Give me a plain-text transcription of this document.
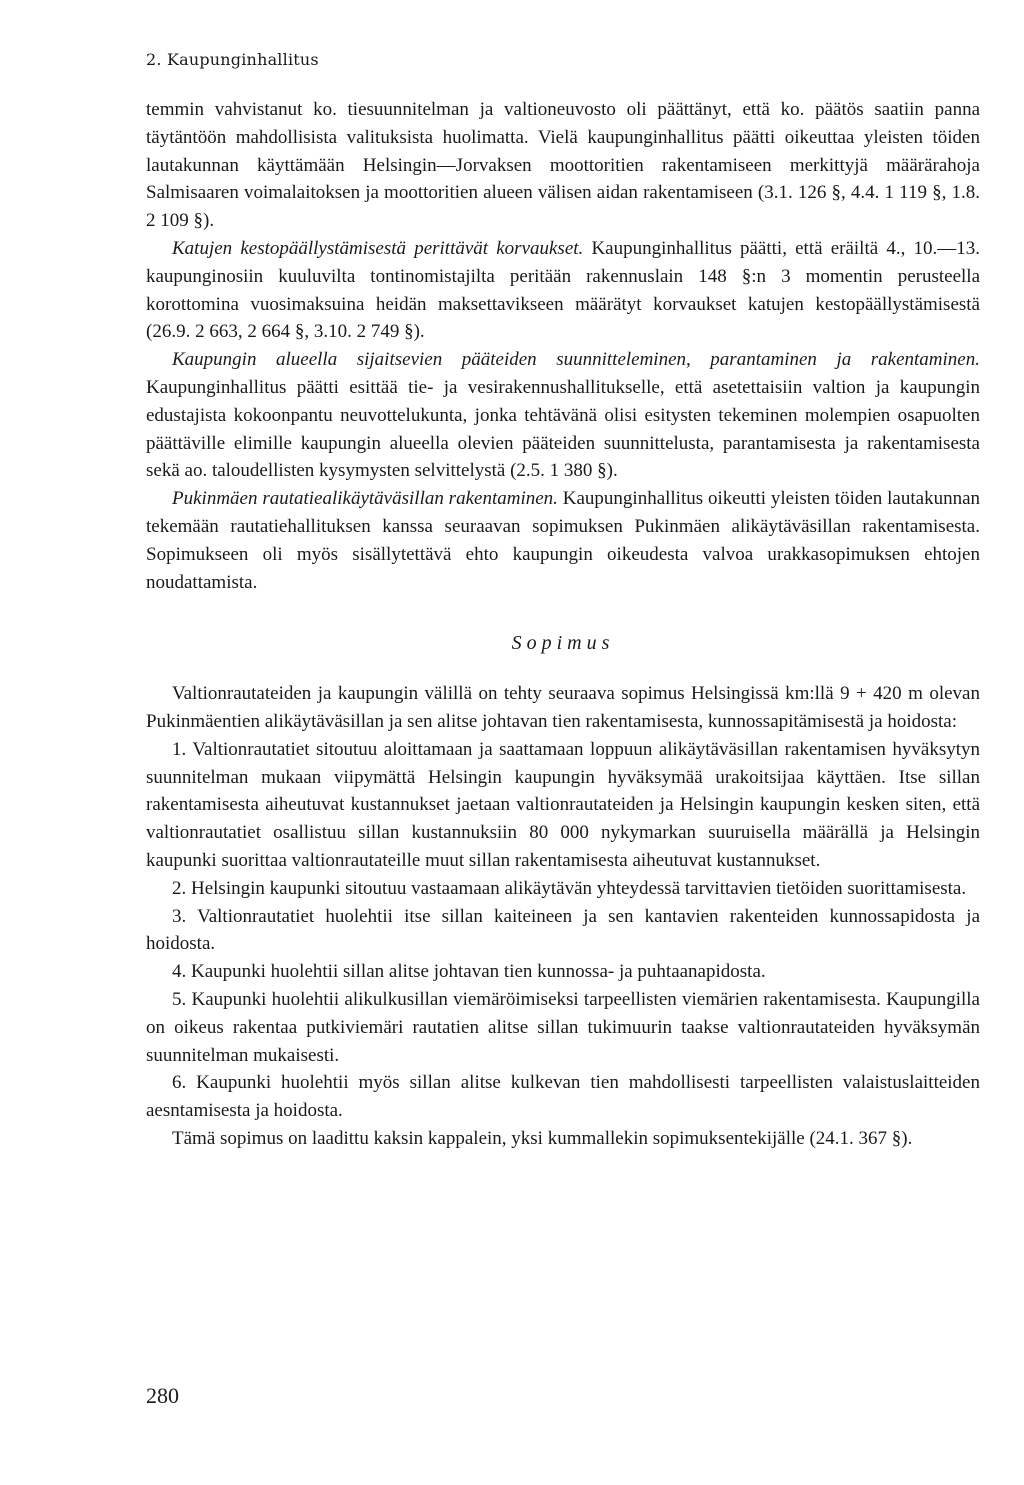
2. Kaupunginhallitus

temmin vahvistanut ko. tiesuunnitelman ja valtioneuvosto oli päättänyt, että ko. päätös saatiin panna täytäntöön mahdollisista valituksista huolimatta. Vielä kaupunginhallitus päätti oikeuttaa yleisten töiden lautakunnan käyttämään Helsingin—Jorvaksen moottoritien rakentamiseen merkittyjä määrärahoja Salmisaaren voimalaitoksen ja moottoritien alueen välisen aidan rakentamiseen (3.1. 126 §, 4.4. 1 119 §, 1.8. 2 109 §).

Katujen kestopäällystämisestä perittävät korvaukset. Kaupunginhallitus päätti, että eräiltä 4., 10.—13. kaupunginosiin kuuluvilta tontinomistajilta peritään rakennuslain 148 §:n 3 momentin perusteella korottomina vuosimaksuina heidän maksettavikseen määrätyt korvaukset katujen kestopäällystämisestä (26.9. 2 663, 2 664 §, 3.10. 2 749 §).

Kaupungin alueella sijaitsevien pääteiden suunnitteleminen, parantaminen ja rakentaminen. Kaupunginhallitus päätti esittää tie- ja vesirakennushallitukselle, että asetettaisiin valtion ja kaupungin edustajista kokoonpantu neuvottelukunta, jonka tehtävänä olisi esitysten tekeminen molempien osapuolten päättäville elimille kaupungin alueella olevien pääteiden suunnittelusta, parantamisesta ja rakentamisesta sekä ao. taloudellisten kysymysten selvittelystä (2.5. 1 380 §).

Pukinmäen rautatiealikäytäväsillan rakentaminen. Kaupunginhallitus oikeutti yleisten töiden lautakunnan tekemään rautatiehallituksen kanssa seuraavan sopimuksen Pukinmäen alikäytäväsillan rakentamisesta. Sopimukseen oli myös sisällytettävä ehto kaupungin oikeudesta valvoa urakkasopimuksen ehtojen noudattamista.

Sopimus

Valtionrautateiden ja kaupungin välillä on tehty seuraava sopimus Helsingissä km:llä 9 + 420 m olevan Pukinmäentien alikäytäväsillan ja sen alitse johtavan tien rakentamisesta, kunnossapitämisestä ja hoidosta:

1. Valtionrautatiet sitoutuu aloittamaan ja saattamaan loppuun alikäytäväsillan rakentamisen hyväksytyn suunnitelman mukaan viipymättä Helsingin kaupungin hyväksymää urakoitsijaa käyttäen. Itse sillan rakentamisesta aiheutuvat kustannukset jaetaan valtionrautateiden ja Helsingin kaupungin kesken siten, että valtionrautatiet osallistuu sillan kustannuksiin 80 000 nykymarkan suuruisella määrällä ja Helsingin kaupunki suorittaa valtionrautateille muut sillan rakentamisesta aiheutuvat kustannukset.

2. Helsingin kaupunki sitoutuu vastaamaan alikäytävän yhteydessä tarvittavien tietöiden suorittamisesta.

3. Valtionrautatiet huolehtii itse sillan kaiteineen ja sen kantavien rakenteiden kunnossapidosta ja hoidosta.

4. Kaupunki huolehtii sillan alitse johtavan tien kunnossa- ja puhtaanapidosta.

5. Kaupunki huolehtii alikulkusillan viemäröimiseksi tarpeellisten viemärien rakentamisesta. Kaupungilla on oikeus rakentaa putkiviemäri rautatien alitse sillan tukimuurin taakse valtionrautateiden hyväksymän suunnitelman mukaisesti.

6. Kaupunki huolehtii myös sillan alitse kulkevan tien mahdollisesti tarpeellisten valaistuslaitteiden aesntamisesta ja hoidosta.

Tämä sopimus on laadittu kaksin kappalein, yksi kummallekin sopimuksentekijälle (24.1. 367 §).

280
